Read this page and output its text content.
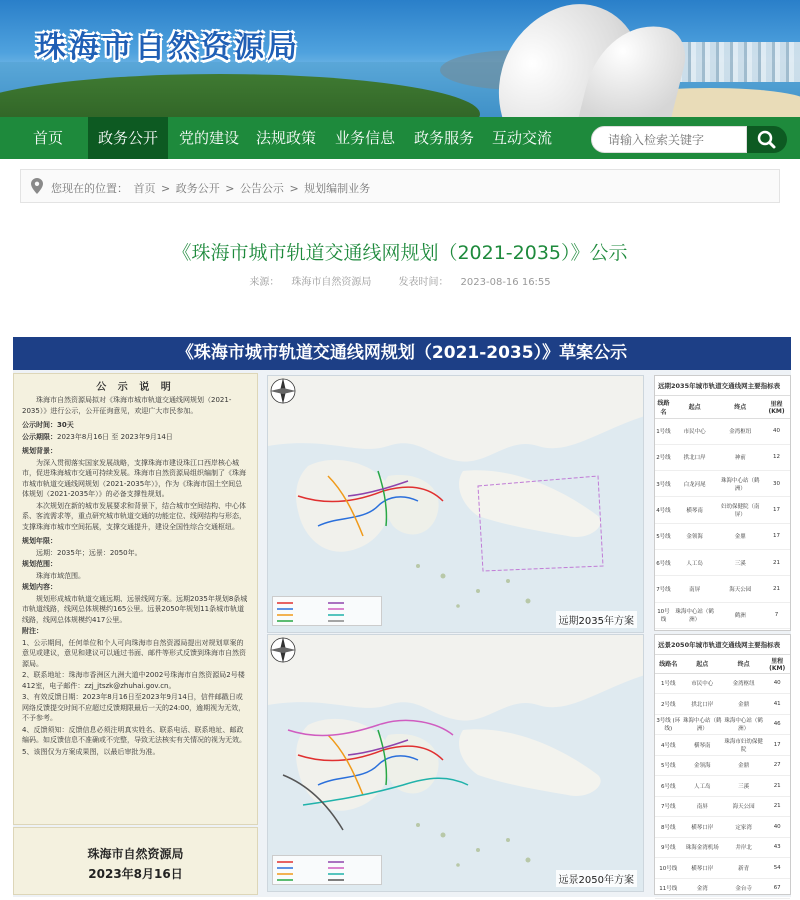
珠海市自然资源局
首页	政务公开	党的建设	法规政策	业务信息	政务服务	互动交流
请输入检索关键字
您现在的位置： 首页 > 政务公开 > 公告公示 > 规划编制业务
《珠海市城市轨道交通线网规划（2021-2035）》公示
来源： 珠海市自然资源局	发表时间： 2023-08-16 16:55
《珠海市城市轨道交通线网规划（2021-2035）》草案公示
公 示 说 明

珠海市自然资源局拟对《珠海市城市轨道交通线网规划（2021-2035）》进行公示，公开征询意见，欢迎广大市民参加。

公示时间：30天

公示期限：2023年8月16日 至 2023年9月14日

规划背景：

为深入贯彻落实国家发展战略，支撑珠海市建设珠江口西岸核心城市，促进珠海城市交通可持续发展。珠海市自然资源局组织编制了《珠海市城市轨道交通线网规划（2021-2035年）》，作为《珠海市国土空间总体规划（2021-2035年）》的必备支撑性规划。

本次规划在新的城市发展要求和背景下，结合城市空间结构、中心体系、客流需求等，重点研究城市轨道交通的功能定位、线网结构与形态，支撑珠海市城市空间拓展，支撑交通提升，建设全国性综合交通枢纽。

规划年限：

远期：2035年；远景：2050年。

规划范围：

珠海市域范围。

规划内容：

规划形成城市轨道交通远期、远景线网方案。远期2035年规划8条城市轨道线路，线网总体规模约165公里。远景2050年规划11条城市轨道线路，线网总体规模约417公里。

附注：

1、公示期间，任何单位和个人可向珠海市自然资源局提出对规划草案的意见或建议，意见和建议可以通过书面、邮件等形式反馈到珠海市自然资源局。

2、联系地址：珠海市香洲区九洲大道中2002号珠海市自然资源局2号楼412室，电子邮件：zzj_jtszk@zhuhai.gov.cn。

3、有效反馈日期：2023年8月16日至2023年9月14日，信件邮戳日或网络反馈提交时间不应超过反馈期限最后一天的24:00，逾期视为无效，不予参考。

4、反馈须知：反馈信息必须注明真实姓名、联系电话、联系地址、邮政编码。如反馈信息不准确或不完整，导致无法核实有关情况的视为无效。

5、该图仅为方案成果图，以最后审批为准。

珠海市自然资源局
2023年8月16日
远期2035年方案
远景2050年方案
远期2035年城市轨道交通线网主要指标表
线路名	起点	终点	里程(KM)
1号线	市民中心	金湾枢纽	40
2号线	拱北口岸	神前	12
3号线	白龙河尾	珠海中心站（鹤洲）	30
4号线	横琴南	妇幼保健院（南屏）	17
5号线	金领海	金鼎	17
6号线	人工岛	三溪	21
7号线	南屏	海天公园	21
10号线	珠海中心站（鹤洲）	鹤洲	7
远景2050年城市轨道交通线网主要指标表
线路名	起点	终点	里程(KM)
1号线	市民中心	金湾枢纽	40
2号线	拱北口岸	金鼎	41
3号线 (环线)	珠海中心站（鹤洲）	珠海中心站（鹤洲）	46
4号线	横琴南	珠海市妇幼保健院	17
5号线	金领海	金鼎	27
6号线	人工岛	三溪	21
7号线	南屏	海天公园	21
8号线	横琴口岸	定家湾	40
9号线	珠海金湾机场	井岸北	43
10号线	横琴口岸	新青	54
11号线	金湾	金台寺	67
